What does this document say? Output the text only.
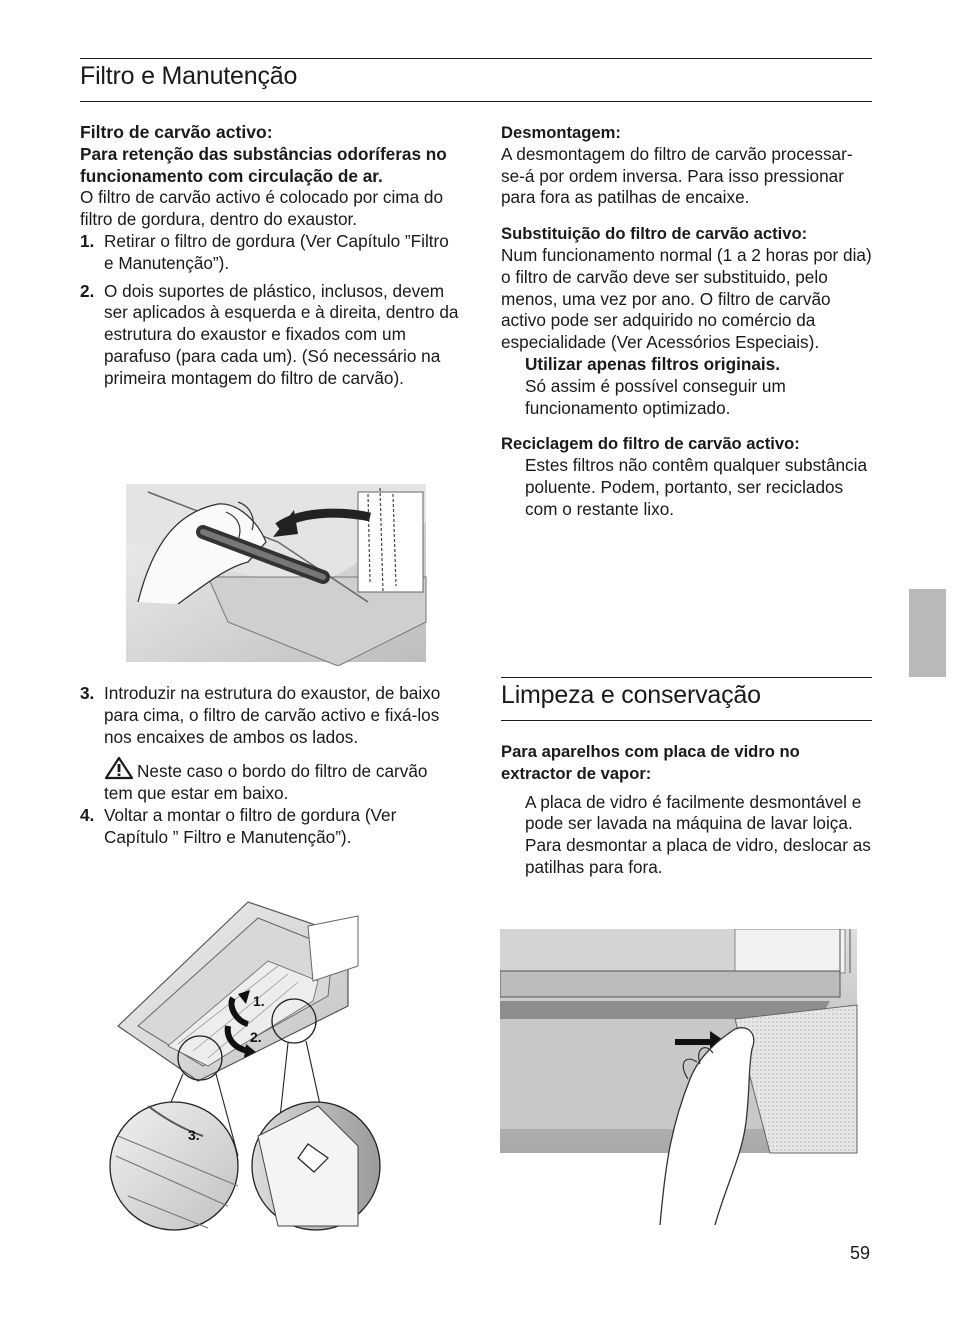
Filtro e Manutenção

Filtro de carvão activo:

Para retenção das substâncias odoríferas no funcionamento com circulação de ar.

O filtro de carvão activo é colocado por cima do filtro de gordura, dentro do exaustor.

1. Retirar o filtro de gordura (Ver Capítulo ”Filtro e Manutenção”).
2. O dois suportes de plástico, inclusos, devem ser aplicados à esquerda e à direita, dentro da estrutura do exaustor e fixados com um parafuso (para cada um). (Só necessário na primeira montagem do filtro de carvão).
3. Introduzir na estrutura do exaustor, de baixo para cima, o filtro de carvão activo e fixá-los nos encaixes de ambos os lados.

Neste caso o bordo do filtro de carvão tem que estar em baixo.

4. Voltar a montar o filtro de gordura (Ver Capítulo ” Filtro e Manutenção”).
1.
2.
3.

Desmontagem:

A desmontagem do filtro de carvão processar-se-á por ordem inversa. Para isso pressionar para fora as patilhas de encaixe.

Substituição do filtro de carvão activo:

Num funcionamento normal (1 a 2 horas por dia) o filtro de carvão deve ser substituido, pelo menos, uma vez por ano. O filtro de carvão activo pode ser adquirido no comércio da especialidade (Ver Acessórios Especiais).

Utilizar apenas filtros originais.
Só assim é possível conseguir um funcionamento optimizado.

Reciclagem do filtro de carvão activo:

Estes filtros não contêm qualquer substância poluente. Podem, portanto, ser reciclados com o restante lixo.

Limpeza e conservação

Para aparelhos com placa de vidro no extractor de vapor:

A placa de vidro é facilmente desmontável e pode ser lavada na máquina de lavar loiça.

Para desmontar a placa de vidro, deslocar as patilhas para fora.

59
